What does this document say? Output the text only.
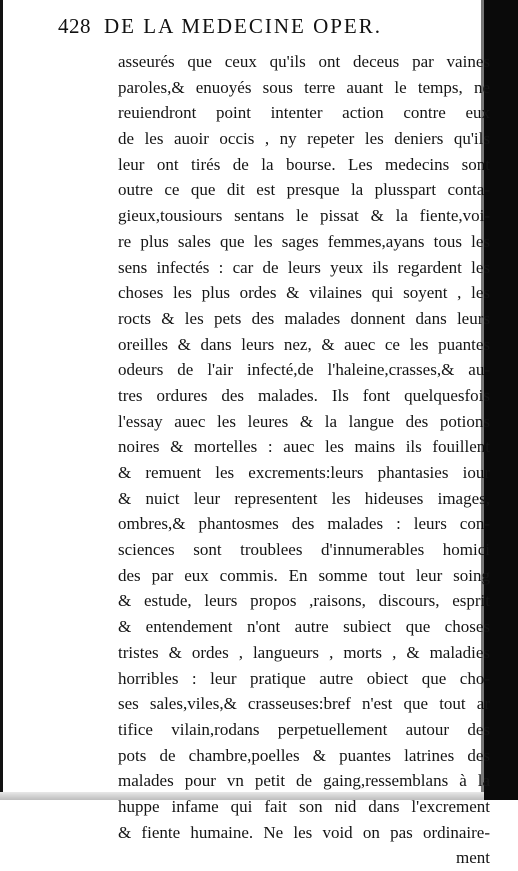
428 DE LA MEDECINE OPER.
asseurés que ceux qu'ils ont deceus par vaines
paroles,& enuoyés sous terre auant le temps, ne
reuiendront point intenter action contre eux
de les auoir occis , ny repeter les deniers qu'ils
leur ont tirés de la bourse. Les medecins sont
outre ce que dit est presque la plusspart conta-
gieux,tousiours sentans le pissat & la fiente,voi-
re plus sales que les sages femmes,ayans tous les
sens infectés : car de leurs yeux ils regardent les
choses les plus ordes & vilaines qui soyent , les
rocts & les pets des malades donnent dans leurs
oreilles & dans leurs nez, & auec ce les puantes
odeurs de l'air infecté,de l'haleine,crasses,& au-
tres ordures des malades. Ils font quelquesfois
l'essay auec les leures & la langue des potions
noires & mortelles : auec les mains ils fouillent
& remuent les excrements:leurs phantasies iour
& nuict leur representent les hideuses images,
ombres,& phantosmes des malades : leurs con-
sciences sont troublees d'innumerables homici
des par eux commis. En somme tout leur soing
& estude, leurs propos ,raisons, discours, esprit
& entendement n'ont autre subiect que choses
tristes & ordes , langueurs , morts , & maladies
horribles : leur pratique autre obiect que cho-
ses sales,viles,& crasseuses:bref n'est que tout ar
tifice vilain,rodans perpetuellement autour des
pots de chambre,poelles & puantes latrines des
malades pour vn petit de gaing,ressemblans à la
huppe infame qui fait son nid dans l'excrement
& fiente humaine. Ne les void on pas ordinaire-
ment
